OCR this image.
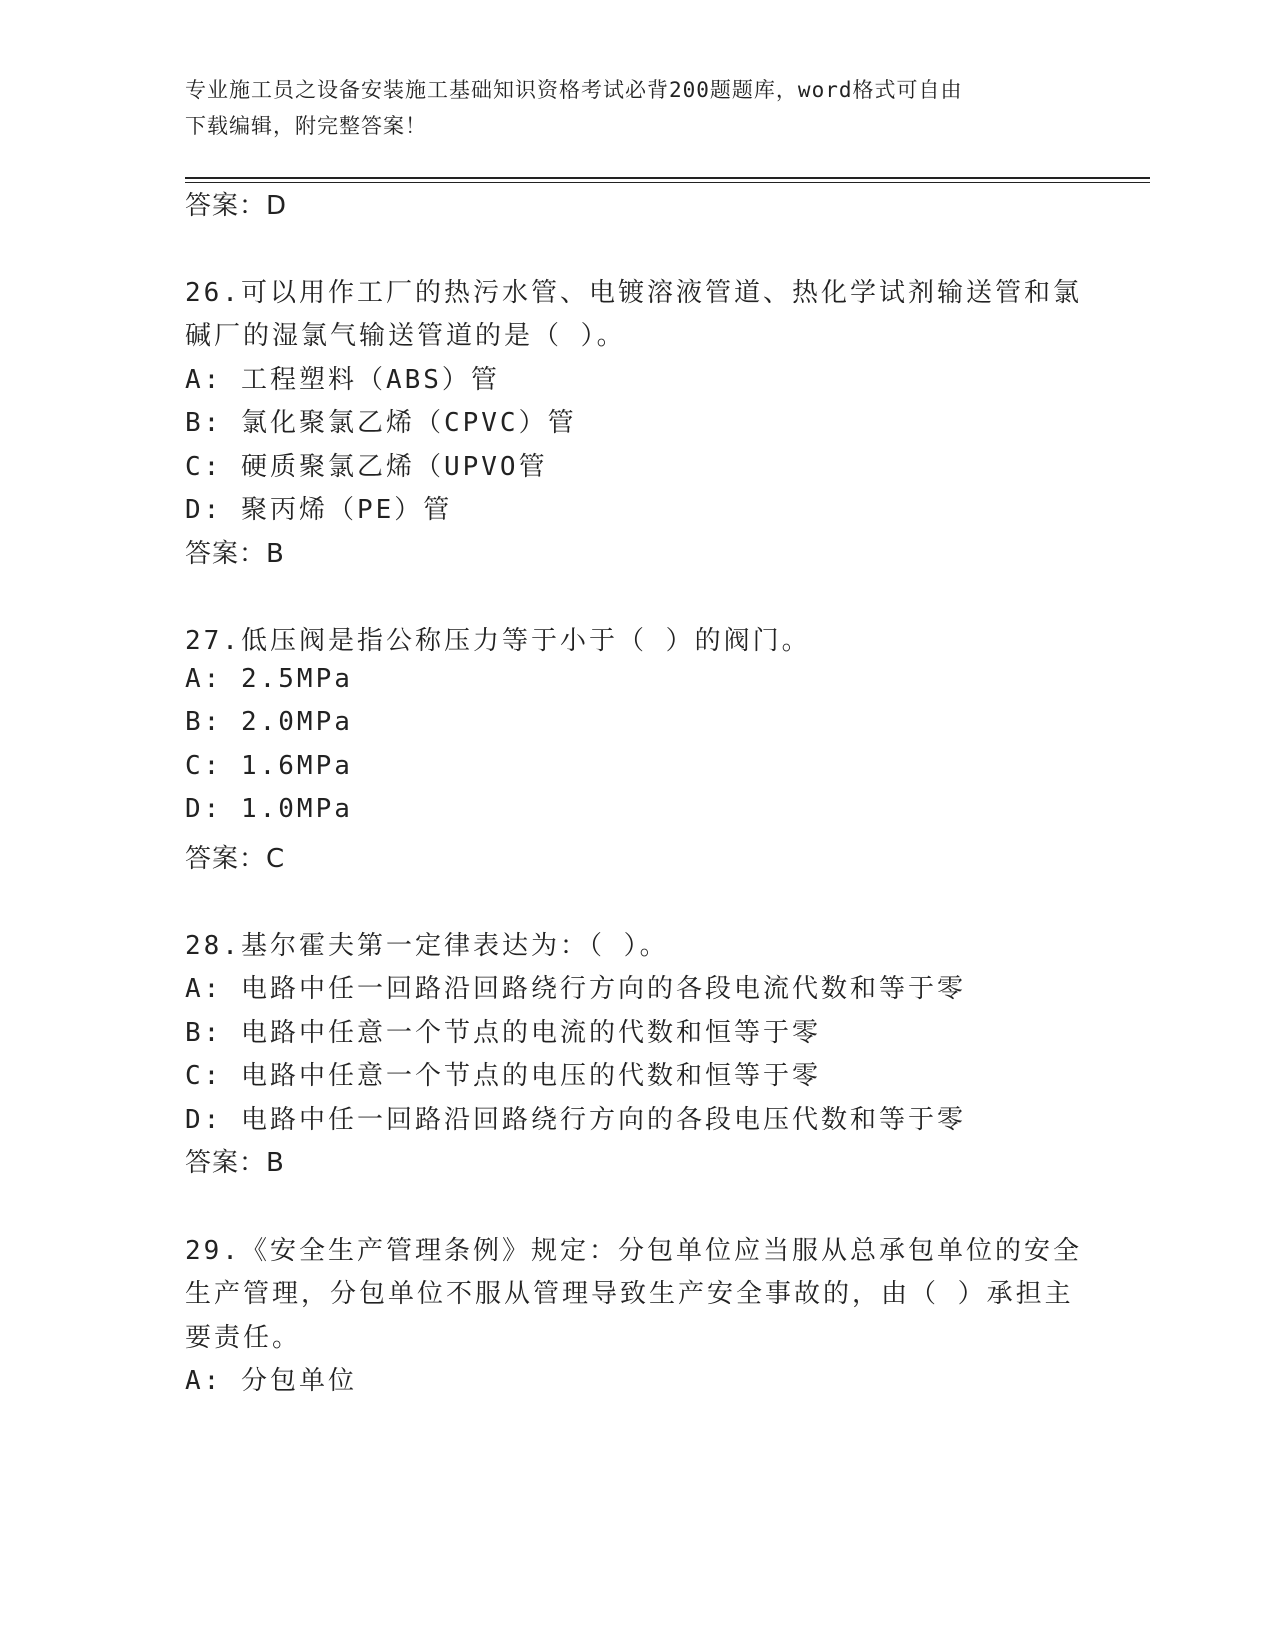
专业施工员之设备安装施工基础知识资格考试必背200题题库，word格式可自由
下载编辑，附完整答案！
答案：D
26.可以用作工厂的热污水管、电镀溶液管道、热化学试剂输送管和氯
碱厂的湿氯气输送管道的是（ ）。
A: 工程塑料（ABS）管
B: 氯化聚氯乙烯（CPVC）管
C: 硬质聚氯乙烯（UPVO管
D: 聚丙烯（PE）管
答案：B
27.低压阀是指公称压力等于小于（ ）的阀门。
A: 2.5MPa
B: 2.0MPa
C: 1.6MPa
D: 1.0MPa
答案：C
28.基尔霍夫第一定律表达为：（ ）。
A: 电路中任一回路沿回路绕行方向的各段电流代数和等于零
B: 电路中任意一个节点的电流的代数和恒等于零
C: 电路中任意一个节点的电压的代数和恒等于零
D: 电路中任一回路沿回路绕行方向的各段电压代数和等于零
答案：B
29.《安全生产管理条例》规定：分包单位应当服从总承包单位的安全
生产管理，分包单位不服从管理导致生产安全事故的，由（ ）承担主
要责任。
A: 分包单位
